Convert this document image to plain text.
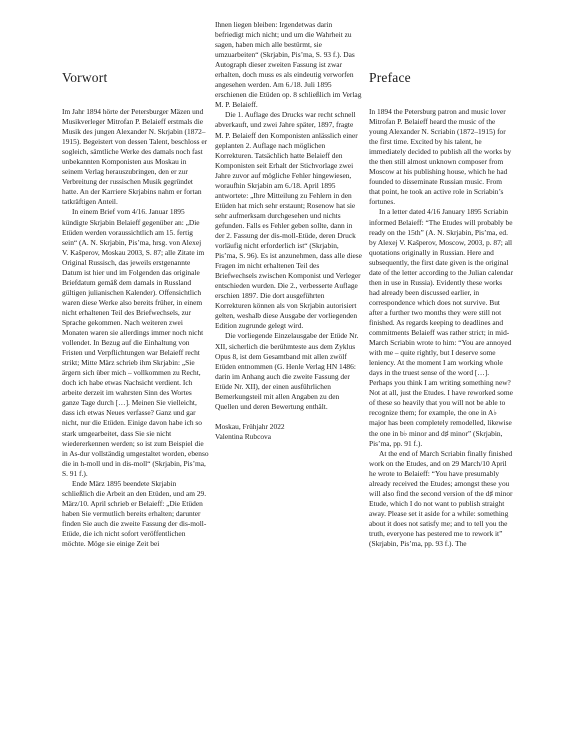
Vorwort	Preface

Im Jahr 1894 hörte der Petersburger Mäzen und Musikverleger Mitrofan P. Belaieff erstmals die Musik des jungen Alexander N. Skrjabin (1872–1915). Begeistert von dessen Talent, beschloss er sogleich, sämtliche Werke des damals noch fast unbekannten Komponisten aus Moskau in seinem Verlag herauszubringen, den er zur Verbreitung der russischen Musik gegründet hatte. An der Karriere Skrjabins nahm er fortan tatkräftigen Anteil.

In einem Brief vom 4/16. Januar 1895 kündigte Skrjabin Belaieff gegenüber an: „Die Etüden werden voraussichtlich am 15. fertig sein“ (A. N. Skrjabin, Pis’ma, hrsg. von Alexej V. Kašperov, Moskau 2003, S. 87; alle Zitate im Original Russisch, das jeweils erstgenannte Datum ist hier und im Folgenden das originale Briefdatum gemäß dem damals in Russland gültigen julianischen Kalender). Offensichtlich waren diese Werke also bereits früher, in einem nicht erhaltenen Teil des Briefwechsels, zur Sprache gekommen. Nach weiteren zwei Monaten waren sie allerdings immer noch nicht vollendet. In Bezug auf die Einhaltung von Fristen und Verpflichtungen war Belaieff recht strikt; Mitte März schrieb ihm Skrjabin: „Sie ärgern sich über mich – vollkommen zu Recht, doch ich habe etwas Nachsicht verdient. Ich arbeite derzeit im wahrsten Sinn des Wortes ganze Tage durch […]. Meinen Sie vielleicht, dass ich etwas Neues verfasse? Ganz und gar nicht, nur die Etüden. Einige davon habe ich so stark umgearbeitet, dass Sie sie nicht wiedererkennen werden; so ist zum Beispiel die in As-dur vollständig umgestaltet worden, ebenso die in h-moll und in dis-moll“ (Skrjabin, Pis’ma, S. 91 f.).

Ende März 1895 beendete Skrjabin schließlich die Arbeit an den Etüden, und am 29. März/10. April schrieb er Belaieff: „Die Etüden haben Sie vermutlich bereits erhalten; darunter finden Sie auch die zweite Fassung der dis-moll-Etüde, die ich nicht sofort veröffentlichen möchte. Möge sie einige Zeit bei

Ihnen liegen bleiben: Irgendetwas darin befriedigt mich nicht; und um die Wahrheit zu sagen, haben mich alle bestürmt, sie umzuarbeiten“ (Skrjabin, Pis’ma, S. 93 f.). Das Autograph dieser zweiten Fassung ist zwar erhalten, doch muss es als eindeutig verworfen angesehen werden. Am 6./18. Juli 1895 erschienen die Etüden op. 8 schließlich im Verlag M. P. Belaieff.

Die 1. Auflage des Drucks war recht schnell abverkauft, und zwei Jahre später, 1897, fragte M. P. Belaieff den Komponisten anlässlich einer geplanten 2. Auflage nach möglichen Korrekturen. Tatsächlich hatte Belaieff den Komponisten seit Erhalt der Stichvorlage zwei Jahre zuvor auf mögliche Fehler hingewiesen, woraufhin Skrjabin am 6./18. April 1895 antwortete: „Ihre Mitteilung zu Fehlern in den Etüden hat mich sehr erstaunt; Rosenow hat sie sehr aufmerksam durchgesehen und nichts gefunden. Falls es Fehler geben sollte, dann in der 2. Fassung der dis-moll-Etüde, deren Druck vorläufig nicht erforderlich ist“ (Skrjabin, Pis’ma, S. 96). Es ist anzunehmen, dass alle diese Fragen im nicht erhaltenen Teil des Briefwechsels zwischen Komponist und Verleger entschieden wurden. Die 2., verbesserte Auflage erschien 1897. Die dort ausgeführten Korrekturen können als von Skrjabin autorisiert gelten, weshalb diese Ausgabe der vorliegenden Edition zugrunde gelegt wird.

Die vorliegende Einzelausgabe der Etüde Nr. XII, sicherlich die berühmteste aus dem Zyklus Opus 8, ist dem Gesamtband mit allen zwölf Etüden entnommen (G. Henle Verlag HN 1486: darin im Anhang auch die zweite Fassung der Etüde Nr. XII), der einen ausführlichen Bemerkungsteil mit allen Angaben zu den Quellen und deren Bewertung enthält.

Moskau, Frühjahr 2022

Valentina Rubcova

In 1894 the Petersburg patron and music lover Mitrofan P. Belaieff heard the music of the young Alexander N. Scriabin (1872–1915) for the first time. Excited by his talent, he immediately decided to publish all the works by the then still almost unknown composer from Moscow at his publishing house, which he had founded to disseminate Russian music. From that point, he took an active role in Scriabin’s fortunes.

In a letter dated 4/16 January 1895 Scriabin informed Belaieff: “The Etudes will probably be ready on the 15th” (A. N. Skrjabin, Pis’ma, ed. by Alexej V. Kašperov, Moscow, 2003, p. 87; all quotations originally in Russian. Here and subsequently, the first date given is the original date of the letter according to the Julian calendar then in use in Russia). Evidently these works had already been discussed earlier, in correspondence which does not survive. But after a further two months they were still not finished. As regards keeping to deadlines and commitments Belaieff was rather strict; in mid-March Scriabin wrote to him: “You are annoyed with me – quite rightly, but I deserve some leniency. At the moment I am working whole days in the truest sense of the word […]. Perhaps you think I am writing something new? Not at all, just the Etudes. I have reworked some of these so heavily that you will not be able to recognize them; for example, the one in A♭ major has been completely remodelled, likewise the one in b♭ minor and d♯ minor” (Skrjabin, Pis’ma, pp. 91 f.).

At the end of March Scriabin finally finished work on the Etudes, and on 29 March/10 April he wrote to Belaieff: “You have presumably already received the Etudes; amongst these you will also find the second version of the d♯ minor Etude, which I do not want to publish straight away. Please set it aside for a while: something about it does not satisfy me; and to tell you the truth, everyone has pestered me to rework it” (Skrjabin, Pis’ma, pp. 93 f.). The
